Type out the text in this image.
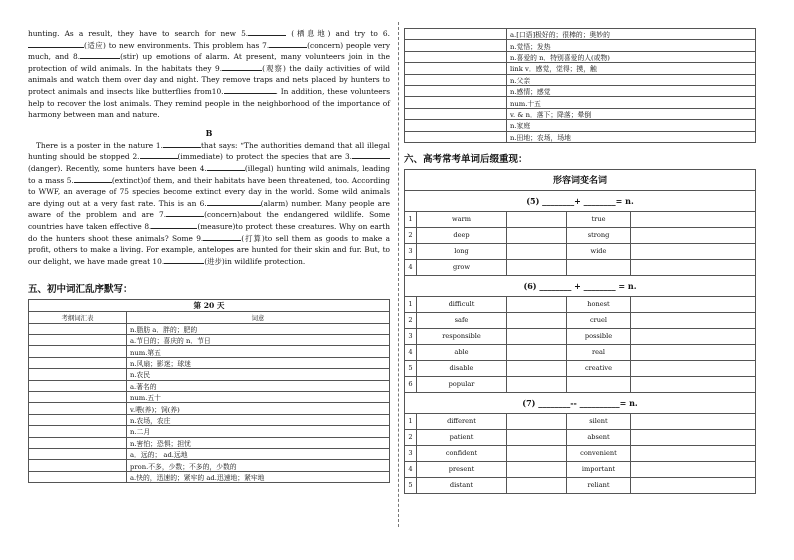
hunting. As a result, they have to search for new 5.	(栖息地) and try to 6.(适应) to new environments. This problem has 7.	(concern) people very much, and 8.	(stir) up emotions of alarm. At present, many volunteers join in the protection of wild animals. In the habitats they 9.	(观察) the daily activities of wild animals and watch them over day and night. They remove traps and nets placed by hunters to protect animals and insects like butterflies from10.	. In addition, these volunteers help to recover the lost animals. They remind people in the neighborhood of the importance of harmony between man and nature.

B

There is a poster in the nature 1.	that says: “The authorities demand that all illegal hunting should be stopped 2.	(immediate) to protect the species that are 3.(danger). Recently, some hunters have been 4.	(illegal) hunting wild animals, leading to a mass 5.	(extinct)of them, and their habitats have been threatened, too. According to WWF, an average of 75 species become extinct every day in the world. Some wild animals are dying out at a very fast rate. This is an 6.	(alarm) number. Many people are aware of the problem and are 7.	(concern)about the endangered wildlife. Some countries have taken effective 8.	(measure)to protect these creatures. Why on earth do the hunters shoot these animals? Some 9.	(打算)to sell them as goods to make a profit, others to make a living. For example, antelopes are hunted for their skin and fur. But, to our delight, we have made great 10.	(进步)in wildlife protection.

五、初中词汇乱序默写：
第 20 天	
考纲词汇表	词意
	n.脂肪 a．胖的；肥的
	a.节日的；喜庆的 n．节日
	num.第五
	n.风扇；影迷；球迷
	n.农民
	a.著名的
	num.五十
	v.喂(养)；饲(养)
	n.农场，农庄
	n.二月
	n.害怕；恐惧；担忧
	a．远的； ad.远地
	pron.不多，少数；不多的，少数的
	a.快的，迅速的；紧牢的 ad.迅速地；紧牢地
	a.[口语]极好的；很棒的；奥妙的
	n.觉悟；发热
	n.喜爱的 n．特别喜爱的人(或物)
	link v．感觉，觉得；摸，触
	n.父亲
	n.感情；感觉
	num.十五
	v. & n．落下；降落；晕倒
	n.家庭
	n.田地；农场，场地
六、高考常考单词后缀重现：
形容词变名词				
(5) ________+ ________= n.				
1	warm		true	
2	deep		strong	
3	long		wide	
4	grow			
(6) ________ + ________ = n.				
1	difficult		honest	
2	safe		cruel	
3	responsible		possible	
4	able		real	
5	disable		creative	
6	popular			
(7) ________-- __________= n.				
1	different		silent	
2	patient		absent	
3	confident		convenient	
4	present		important	
5	distant		reliant	
